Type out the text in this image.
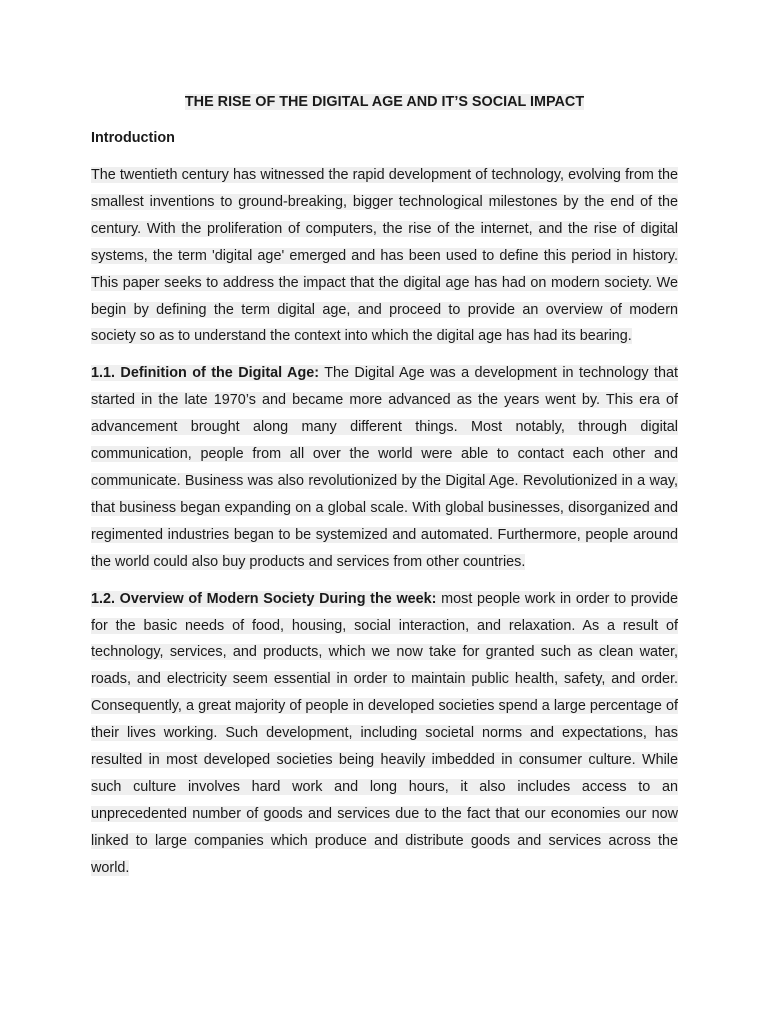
THE RISE OF THE DIGITAL AGE AND IT’S SOCIAL IMPACT
Introduction

The twentieth century has witnessed the rapid development of technology, evolving from the smallest inventions to ground-breaking, bigger technological milestones by the end of the century. With the proliferation of computers, the rise of the internet, and the rise of digital systems, the term 'digital age' emerged and has been used to define this period in history. This paper seeks to address the impact that the digital age has had on modern society. We begin by defining the term digital age, and proceed to provide an overview of modern society so as to understand the context into which the digital age has had its bearing.

1.1. Definition of the Digital Age: The Digital Age was a development in technology that started in the late 1970’s and became more advanced as the years went by. This era of advancement brought along many different things. Most notably, through digital communication, people from all over the world were able to contact each other and communicate. Business was also revolutionized by the Digital Age. Revolutionized in a way, that business began expanding on a global scale. With global businesses, disorganized and regimented industries began to be systemized and automated. Furthermore, people around the world could also buy products and services from other countries.

1.2. Overview of Modern Society During the week: most people work in order to provide for the basic needs of food, housing, social interaction, and relaxation. As a result of technology, services, and products, which we now take for granted such as clean water, roads, and electricity seem essential in order to maintain public health, safety, and order. Consequently, a great majority of people in developed societies spend a large percentage of their lives working. Such development, including societal norms and expectations, has resulted in most developed societies being heavily imbedded in consumer culture. While such culture involves hard work and long hours, it also includes access to an unprecedented number of goods and services due to the fact that our economies our now linked to large companies which produce and distribute goods and services across the world.
